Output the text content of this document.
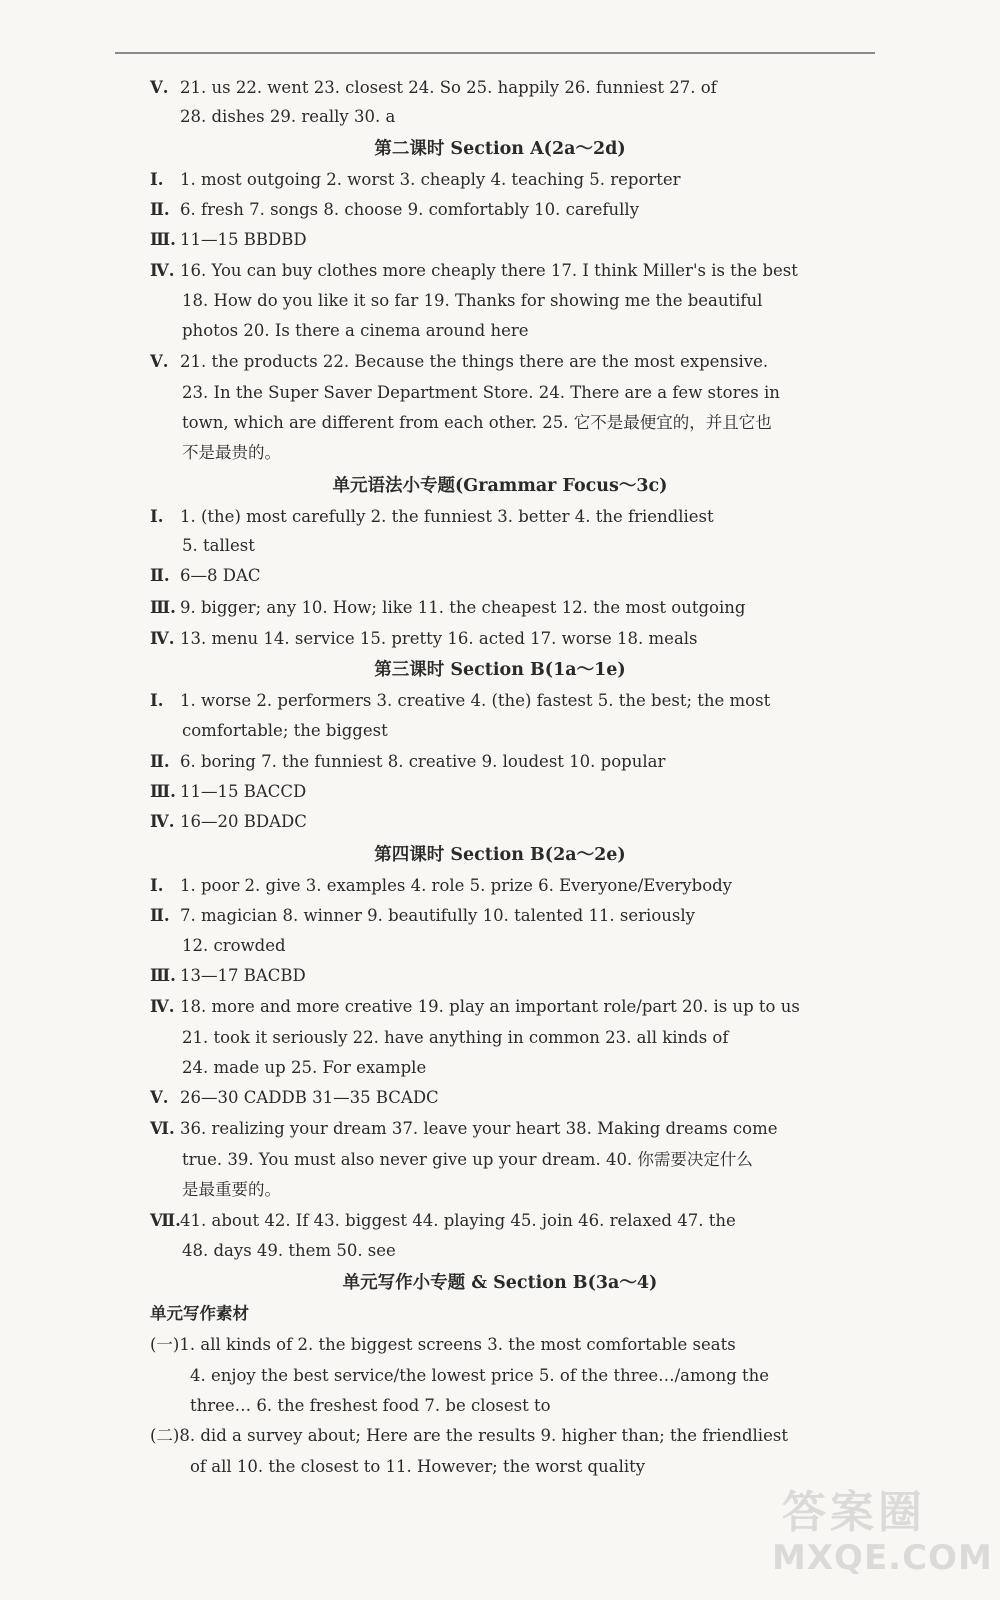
Ⅴ. 21. us 22. went 23. closest 24. So 25. happily 26. funniest 27. of
28. dishes 29. really 30. a
第二课时 Section A(2a～2d)
Ⅰ.	1. most outgoing 2. worst 3. cheaply 4. teaching 5. reporter
Ⅱ. 6. fresh 7. songs 8. choose 9. comfortably 10. carefully
Ⅲ. 11—15 BBDBD
Ⅳ. 16. You can buy clothes more cheaply there 17. I think Miller's is the best
18. How do you like it so far 19. Thanks for showing me the beautiful
photos 20. Is there a cinema around here
Ⅴ. 21. the products 22. Because the things there are the most expensive.
23. In the Super Saver Department Store. 24. There are a few stores in
town, which are different from each other. 25. 它不是最便宜的，并且它也
不是最贵的。
单元语法小专题(Grammar Focus～3c)
Ⅰ.	1. (the) most carefully 2. the funniest 3. better 4. the friendliest
5. tallest
Ⅱ. 6—8 DAC
Ⅲ. 9. bigger; any 10. How; like 11. the cheapest 12. the most outgoing
Ⅳ. 13. menu 14. service 15. pretty 16. acted 17. worse 18. meals
第三课时 Section B(1a～1e)
Ⅰ.	1. worse 2. performers 3. creative 4. (the) fastest 5. the best; the most
comfortable; the biggest
Ⅱ. 6. boring 7. the funniest 8. creative 9. loudest 10. popular
Ⅲ. 11—15 BACCD
Ⅳ. 16—20 BDADC
第四课时 Section B(2a～2e)
Ⅰ.	1. poor 2. give 3. examples 4. role 5. prize 6. Everyone/Everybody
Ⅱ. 7. magician 8. winner 9. beautifully 10. talented 11. seriously
12. crowded
Ⅲ. 13—17 BACBD
Ⅳ. 18. more and more creative 19. play an important role/part 20. is up to us
21. took it seriously 22. have anything in common 23. all kinds of
24. made up 25. For example
Ⅴ. 26—30 CADDB 31—35 BCADC
Ⅵ. 36. realizing your dream 37. leave your heart 38. Making dreams come
true. 39. You must also never give up your dream. 40. 你需要决定什么
是最重要的。
Ⅶ. 41. about 42. If 43. biggest 44. playing 45. join 46. relaxed 47. the
48. days 49. them 50. see
单元写作小专题 & Section B(3a～4)
单元写作素材
(一)1. all kinds of 2. the biggest screens 3. the most comfortable seats
4. enjoy the best service/the lowest price 5. of the three…/among the
three… 6. the freshest food 7. be closest to
(二)8. did a survey about; Here are the results 9. higher than; the friendliest
of all 10. the closest to 11. However; the worst quality
答案圈
MXQE.COM
